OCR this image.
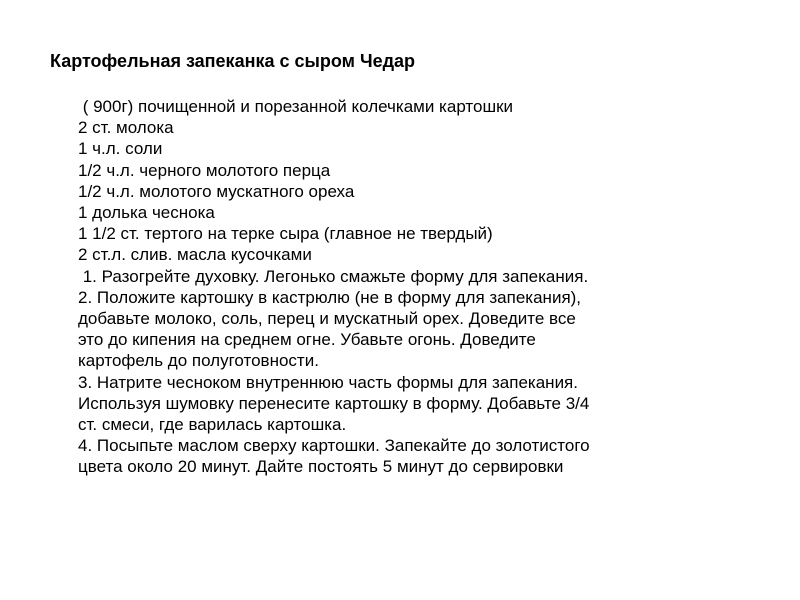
Картофельная запеканка с сыром Чедар
( 900г) почищенной и порезанной колечками картошки
2 ст. молока
1 ч.л. соли
1/2 ч.л. черного молотого перца
1/2 ч.л. молотого мускатного ореха
1 долька чеснока
1 1/2 ст. тертого на терке сыра (главное не твердый)
2 ст.л. слив. масла кусочками
1. Разогрейте духовку. Легонько смажьте форму для запекания.
2. Положите картошку в кастрюлю (не в форму для запекания),
добавьте молоко, соль, перец и мускатный орех. Доведите все
это до кипения на среднем огне. Убавьте огонь. Доведите
картофель до полуготовности.
3. Натрите чесноком внутреннюю часть формы для запекания.
Используя шумовку перенесите картошку в форму. Добавьте 3/4
ст. смеси, где варилась картошка.
4. Посыпьте маслом сверху картошки. Запекайте до золотистого
цвета около 20 минут. Дайте постоять 5 минут до сервировки
